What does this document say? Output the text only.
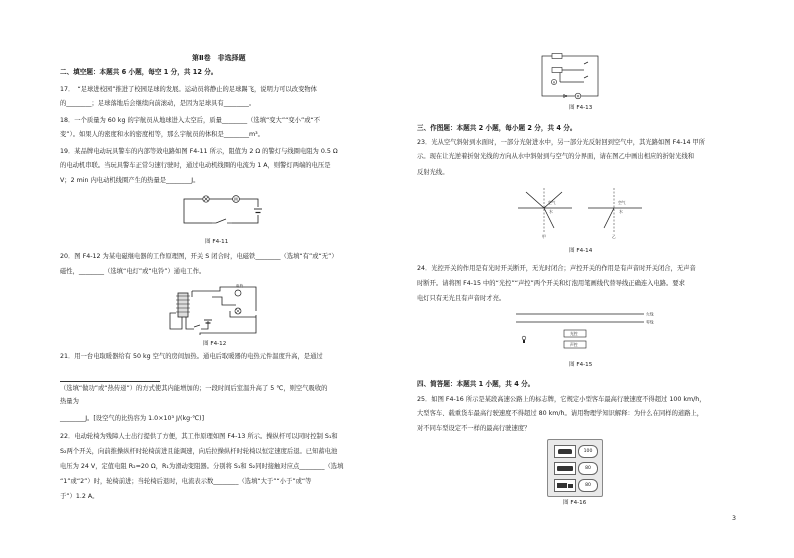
第Ⅱ卷　非选择题
二、填空题：本题共 6 小题，每空 1 分，共 12 分。
17．　“足球进校园”推进了校园足球的发展。运动员将静止的足球踢飞，说明力可以改变物体
的________；足球落地后会继续向前滚动，是因为足球具有________。
18．一个质量为 60 kg 的宇航员从地球进入太空后，质量________（选填“变大”“变小”或“不
变”）。如果人的密度和水的密度相等，那么宇航员的体积是________m³。
19．某品牌电动玩具警车的内部等效电路如图 F4-11 所示，阻值为 2 Ω 的警灯与线圈电阻为 0.5 Ω
的电动机串联。当玩具警车正常匀速行驶时，通过电动机线圈的电流为 1 A，则警灯两端的电压是
V；2 min 内电动机线圈产生的热量是________J。
M
图 F4-11
20．图 F4-12 为某电磁继电器的工作原理图，开关 S 闭合时，电磁铁________（选填“有”或“无”）
磁性，________（选填“电灯”或“电铃”）通电工作。
电铃
图 F4-12
21．用一台电取暖器给有 50 kg 空气的房间加热。通电后取暖器的电热元件温度升高，是通过
（选填“做功”或“热传递”）的方式使其内能增加的；一段时间后室温升高了 5 ℃，则空气吸收的
热量为
________J。[设空气的比热容为 1.0×10³ J/(kg·℃)]
22．电动轮椅为残障人士出行提供了方便，其工作原理如图 F4-13 所示。操纵杆可以同时控制 S₁和
S₂两个开关，向前推操纵杆时轮椅前进且能调速，向后拉操纵杆时轮椅以恒定速度后退。已知蓄电池
电压为 24 V，定值电阻 R₂=20 Ω，R₁为滑动变阻器。分别将 S₁和 S₂同时接触对应点________（选填
“1”或“2”）时，轮椅前进；当轮椅后退时，电流表示数________（选填“大于”“小于”或“等
于”）1.2 A。
M
A
图 F4-13
三、作图题：本题共 2 小题，每小题 2 分，共 4 分。
23．光从空气斜射到水面时，一部分光射进水中，另一部分光反射回到空气中，其光路如图 F4-14 甲所
示。现在让光逆着折射光线的方向从水中斜射到与空气的分界面，请在图乙中画出相应的折射光线和
反射光线。
空气
水
甲
空气
水
乙
图 F4-14
24．光控开关的作用是有光时开关断开，无光时闭合；声控开关的作用是有声音时开关闭合，无声音
时断开。请将图 F4-15 中的“光控”“声控”两个开关和灯泡用笔画线代替导线正确连入电路。要求
电灯只有无光且有声音时才亮。
火线
零线
光控
声控
图 F4-15
四、简答题：本题共 1 小题，共 4 分。
25．如图 F4-16 所示是某段高速公路上的标志牌，它规定小型客车最高行驶速度不得超过 100 km/h，
大型客车、载重货车最高行驶速度不得超过 80 km/h。请用物理学知识解释：为什么在同样的道路上，
对不同车型设定不一样的最高行驶速度？
100
80
80
图 F4-16
3
